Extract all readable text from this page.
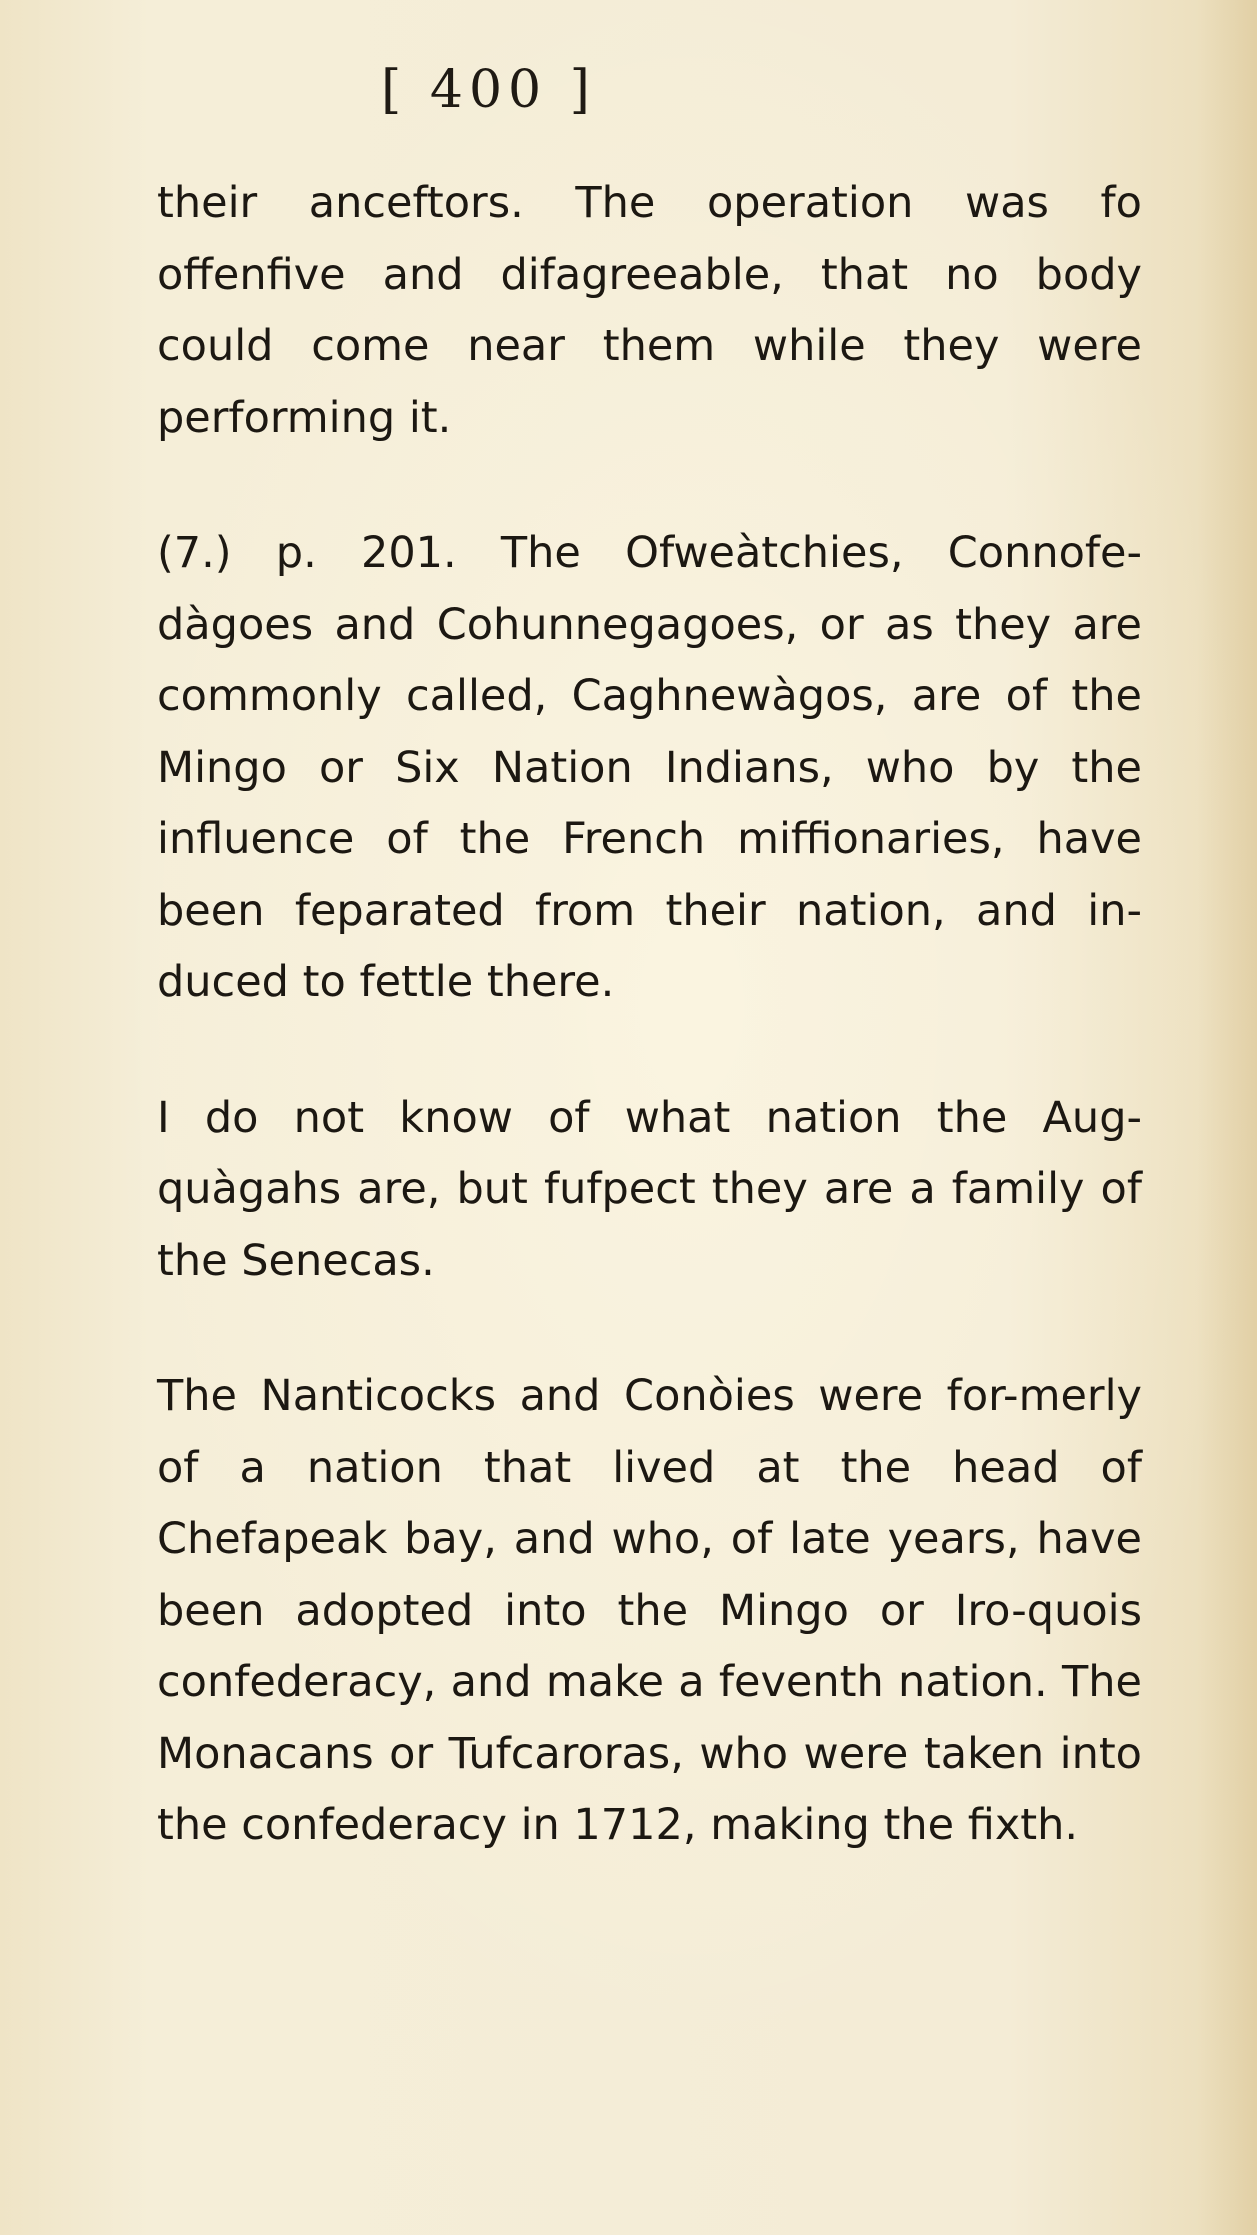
[ 400 ]

their anceftors. The operation was fo offenfive and difagreeable, that no body could come near them while they were performing it.

(7.) p. 201. The Ofweàtchies, Connofe-dàgoes and Cohunnegagoes, or as they are commonly called, Caghnewàgos, are of the Mingo or Six Nation Indians, who by the influence of the French miffionaries, have been feparated from their nation, and in-duced to fettle there.

I do not know of what nation the Aug-quàgahs are, but fufpect they are a family of the Senecas.

The Nanticocks and Conòies were for-merly of a nation that lived at the head of Chefapeak bay, and who, of late years, have been adopted into the Mingo or Iro-quois confederacy, and make a feventh nation. The Monacans or Tufcaroras, who were taken into the confederacy in 1712, making the fixth.
